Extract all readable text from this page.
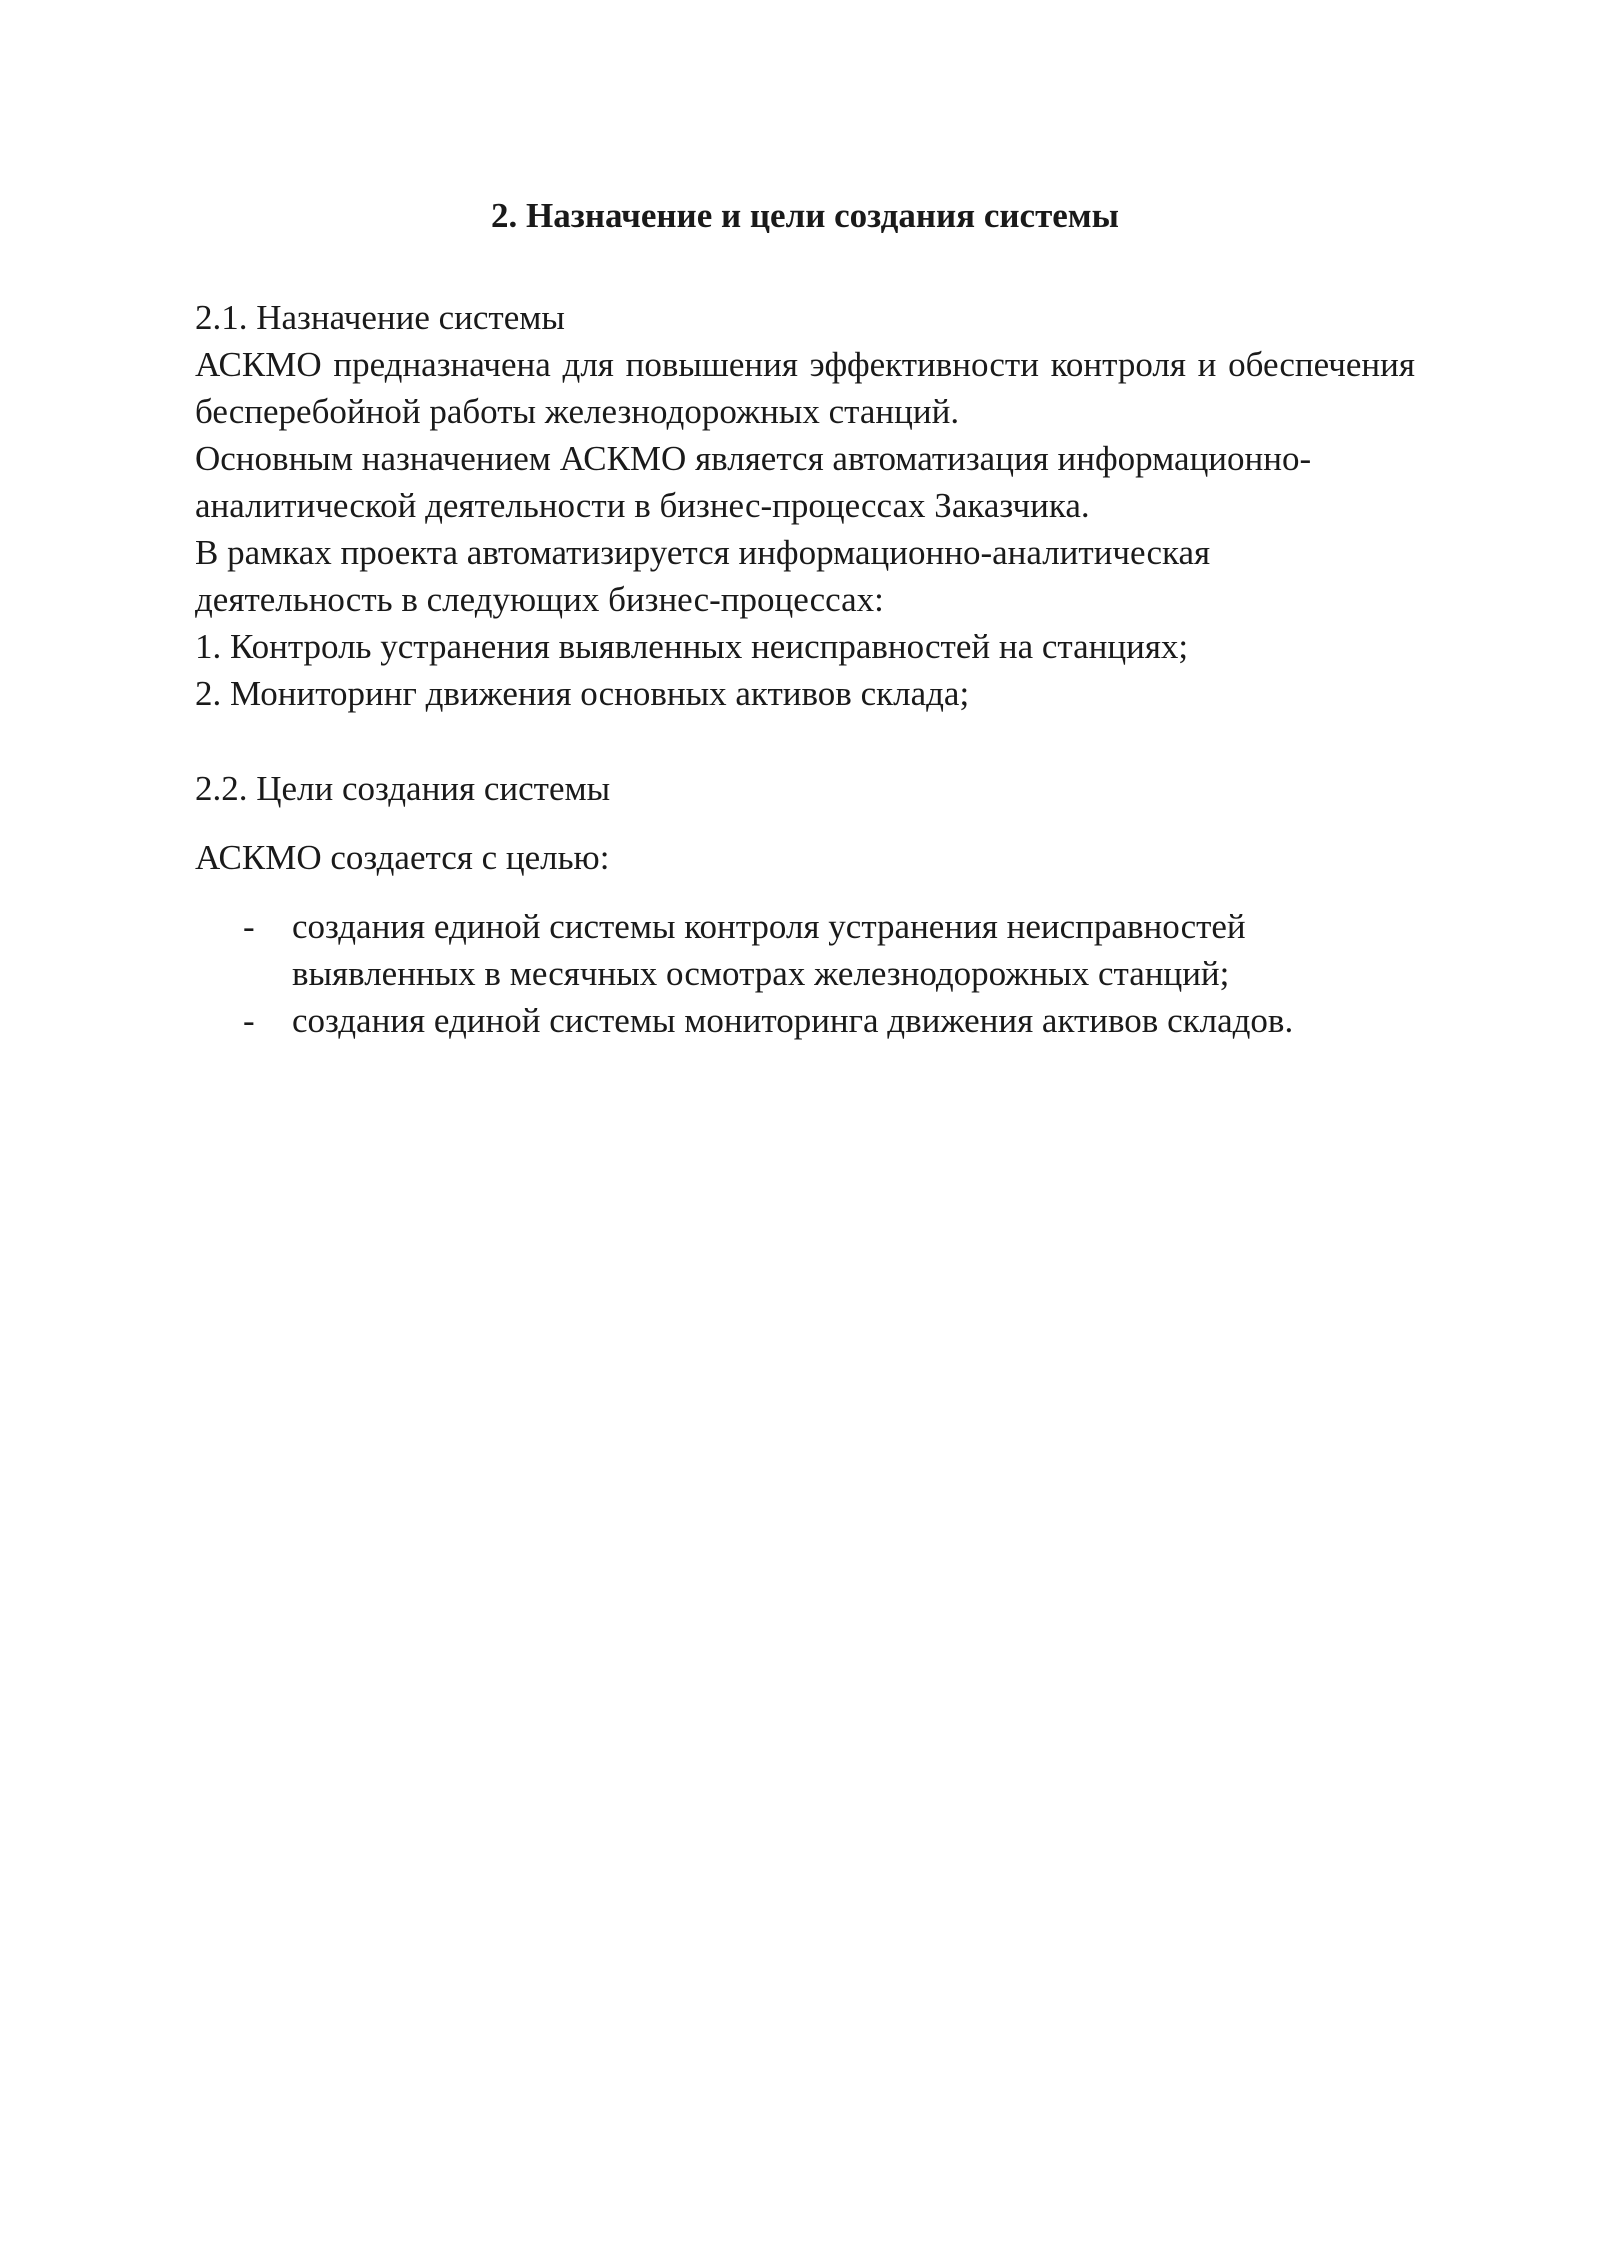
2. Назначение и цели создания системы
2.1. Назначение системы

АСКМО предназначена для повышения эффективности контроля и обеспечения бесперебойной работы железнодорожных станций.

Основным назначением АСКМО является автоматизация информационно-
аналитической деятельности в бизнес-процессах Заказчика.
В рамках проекта автоматизируется информационно-аналитическая
деятельность в следующих бизнес-процессах:
1. Контроль устранения выявленных неисправностей на станциях;
2. Мониторинг движения основных активов склада;
2.2. Цели создания системы
АСКМО создается с целью:
- создания единой системы контроля устранения неисправностей
выявленных в месячных осмотрах железнодорожных станций;
- создания единой системы мониторинга движения активов складов.
